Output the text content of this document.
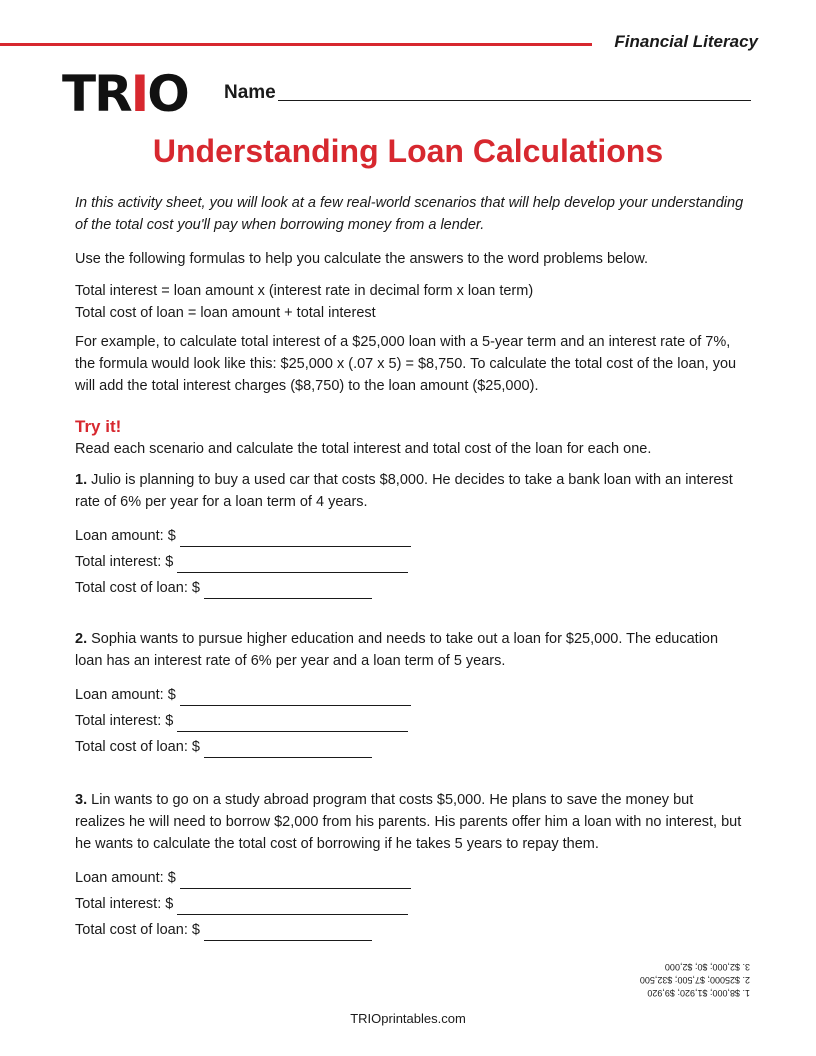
Financial Literacy
TR I O Name
Understanding Loan Calculations

In this activity sheet, you will look at a few real-world scenarios that will help develop your understanding of the total cost you'll pay when borrowing money from a lender.

Use the following formulas to help you calculate the answers to the word problems below.

Total interest = loan amount x (interest rate in decimal form x loan term)

Total cost of loan = loan amount + total interest

For example, to calculate total interest of a $25,000 loan with a 5-year term and an interest rate of 7%, the formula would look like this: $25,000 x (.07 x 5) = $8,750. To calculate the total cost of the loan, you will add the total interest charges ($8,750) to the loan amount ($25,000).

Try it!

Read each scenario and calculate the total interest and total cost of the loan for each one.

1. Julio is planning to buy a used car that costs $8,000. He decides to take a bank loan with an interest rate of 6% per year for a loan term of 4 years.

Loan amount: $
Total interest: $
Total cost of loan: $

2. Sophia wants to pursue higher education and needs to take out a loan for $25,000. The education loan has an interest rate of 6% per year and a loan term of 5 years.

Loan amount: $
Total interest: $
Total cost of loan: $

3. Lin wants to go on a study abroad program that costs $5,000. He plans to save the money but realizes he will need to borrow $2,000 from his parents. His parents offer him a loan with no interest, but he wants to calculate the total cost of borrowing if he takes 5 years to repay them.

Loan amount: $
Total interest: $
Total cost of loan: $
1. $8,000; $1,920; $9,920
2. $25000; $7,500; $32,500
3. $2,000; $0; $2,000
TRIOprintables.com
